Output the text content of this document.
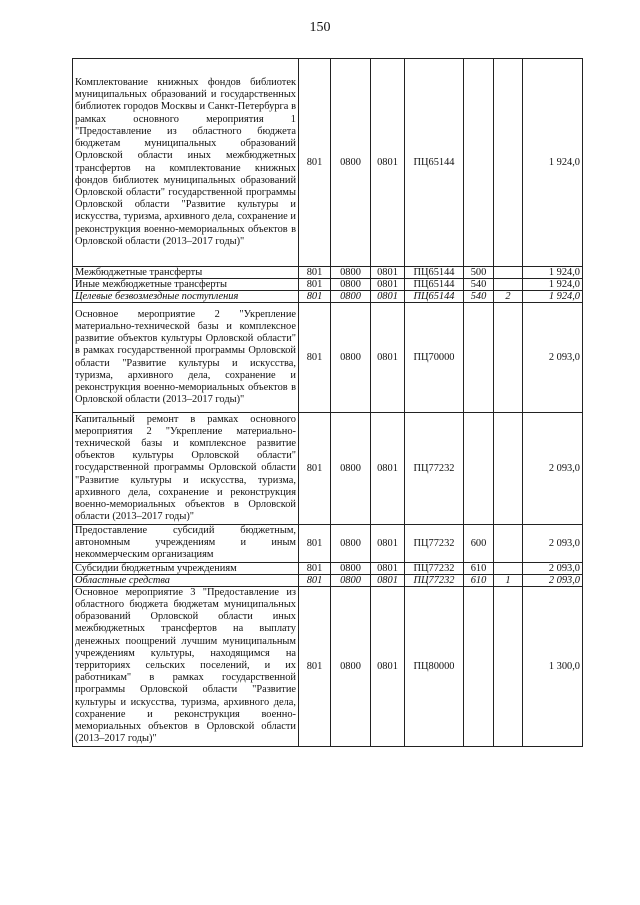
150
Комплектование книжных фондов библиотек муниципальных образований и государственных библиотек городов Москвы и Санкт-Петербурга в рамках основного мероприятия 1 "Предоставление из областного бюджета бюджетам муниципальных образований Орловской области иных межбюджетных трансфертов на комплектование книжных фондов библиотек муниципальных образований Орловской области" государственной программы Орловской области "Развитие культуры и искусства, туризма, архивного дела, сохранение и реконструкция военно-мемориальных объектов в Орловской области (2013–2017 годы)"	801	0800	0801	ПЦ65144			1 924,0
Межбюджетные трансферты	801	0800	0801	ПЦ65144	500		1 924,0
Иные межбюджетные трансферты	801	0800	0801	ПЦ65144	540		1 924,0
Целевые безвозмездные поступления	801	0800	0801	ПЦ65144	540	2	1 924,0
Основное мероприятие 2 "Укрепление материально-технической базы и комплексное развитие объектов культуры Орловской области" в рамках государственной программы Орловской области "Развитие культуры и искусства, туризма, архивного дела, сохранение и реконструкция военно-мемориальных объектов в Орловской области (2013–2017 годы)"	801	0800	0801	ПЦ70000			2 093,0
Капитальный ремонт в рамках основного мероприятия 2 "Укрепление материально-технической базы и комплексное развитие объектов культуры Орловской области" государственной программы Орловской области "Развитие культуры и искусства, туризма, архивного дела, сохранение и реконструкция военно-мемориальных объектов в Орловской области (2013–2017 годы)"	801	0800	0801	ПЦ77232			2 093,0
Предоставление субсидий бюджетным, автономным учреждениям и иным некоммерческим организациям	801	0800	0801	ПЦ77232	600		2 093,0
Субсидии бюджетным учреждениям	801	0800	0801	ПЦ77232	610		2 093,0
Областные средства	801	0800	0801	ПЦ77232	610	1	2 093,0
Основное мероприятие 3 "Предоставление из областного бюджета бюджетам муниципальных образований Орловской области иных межбюджетных трансфертов на выплату денежных поощрений лучшим муниципальным учреждениям культуры, находящимся на территориях сельских поселений, и их работникам" в рамках государственной программы Орловской области "Развитие культуры и искусства, туризма, архивного дела, сохранение и реконструкция военно-мемориальных объектов в Орловской области (2013–2017 годы)"	801	0800	0801	ПЦ80000			1 300,0
